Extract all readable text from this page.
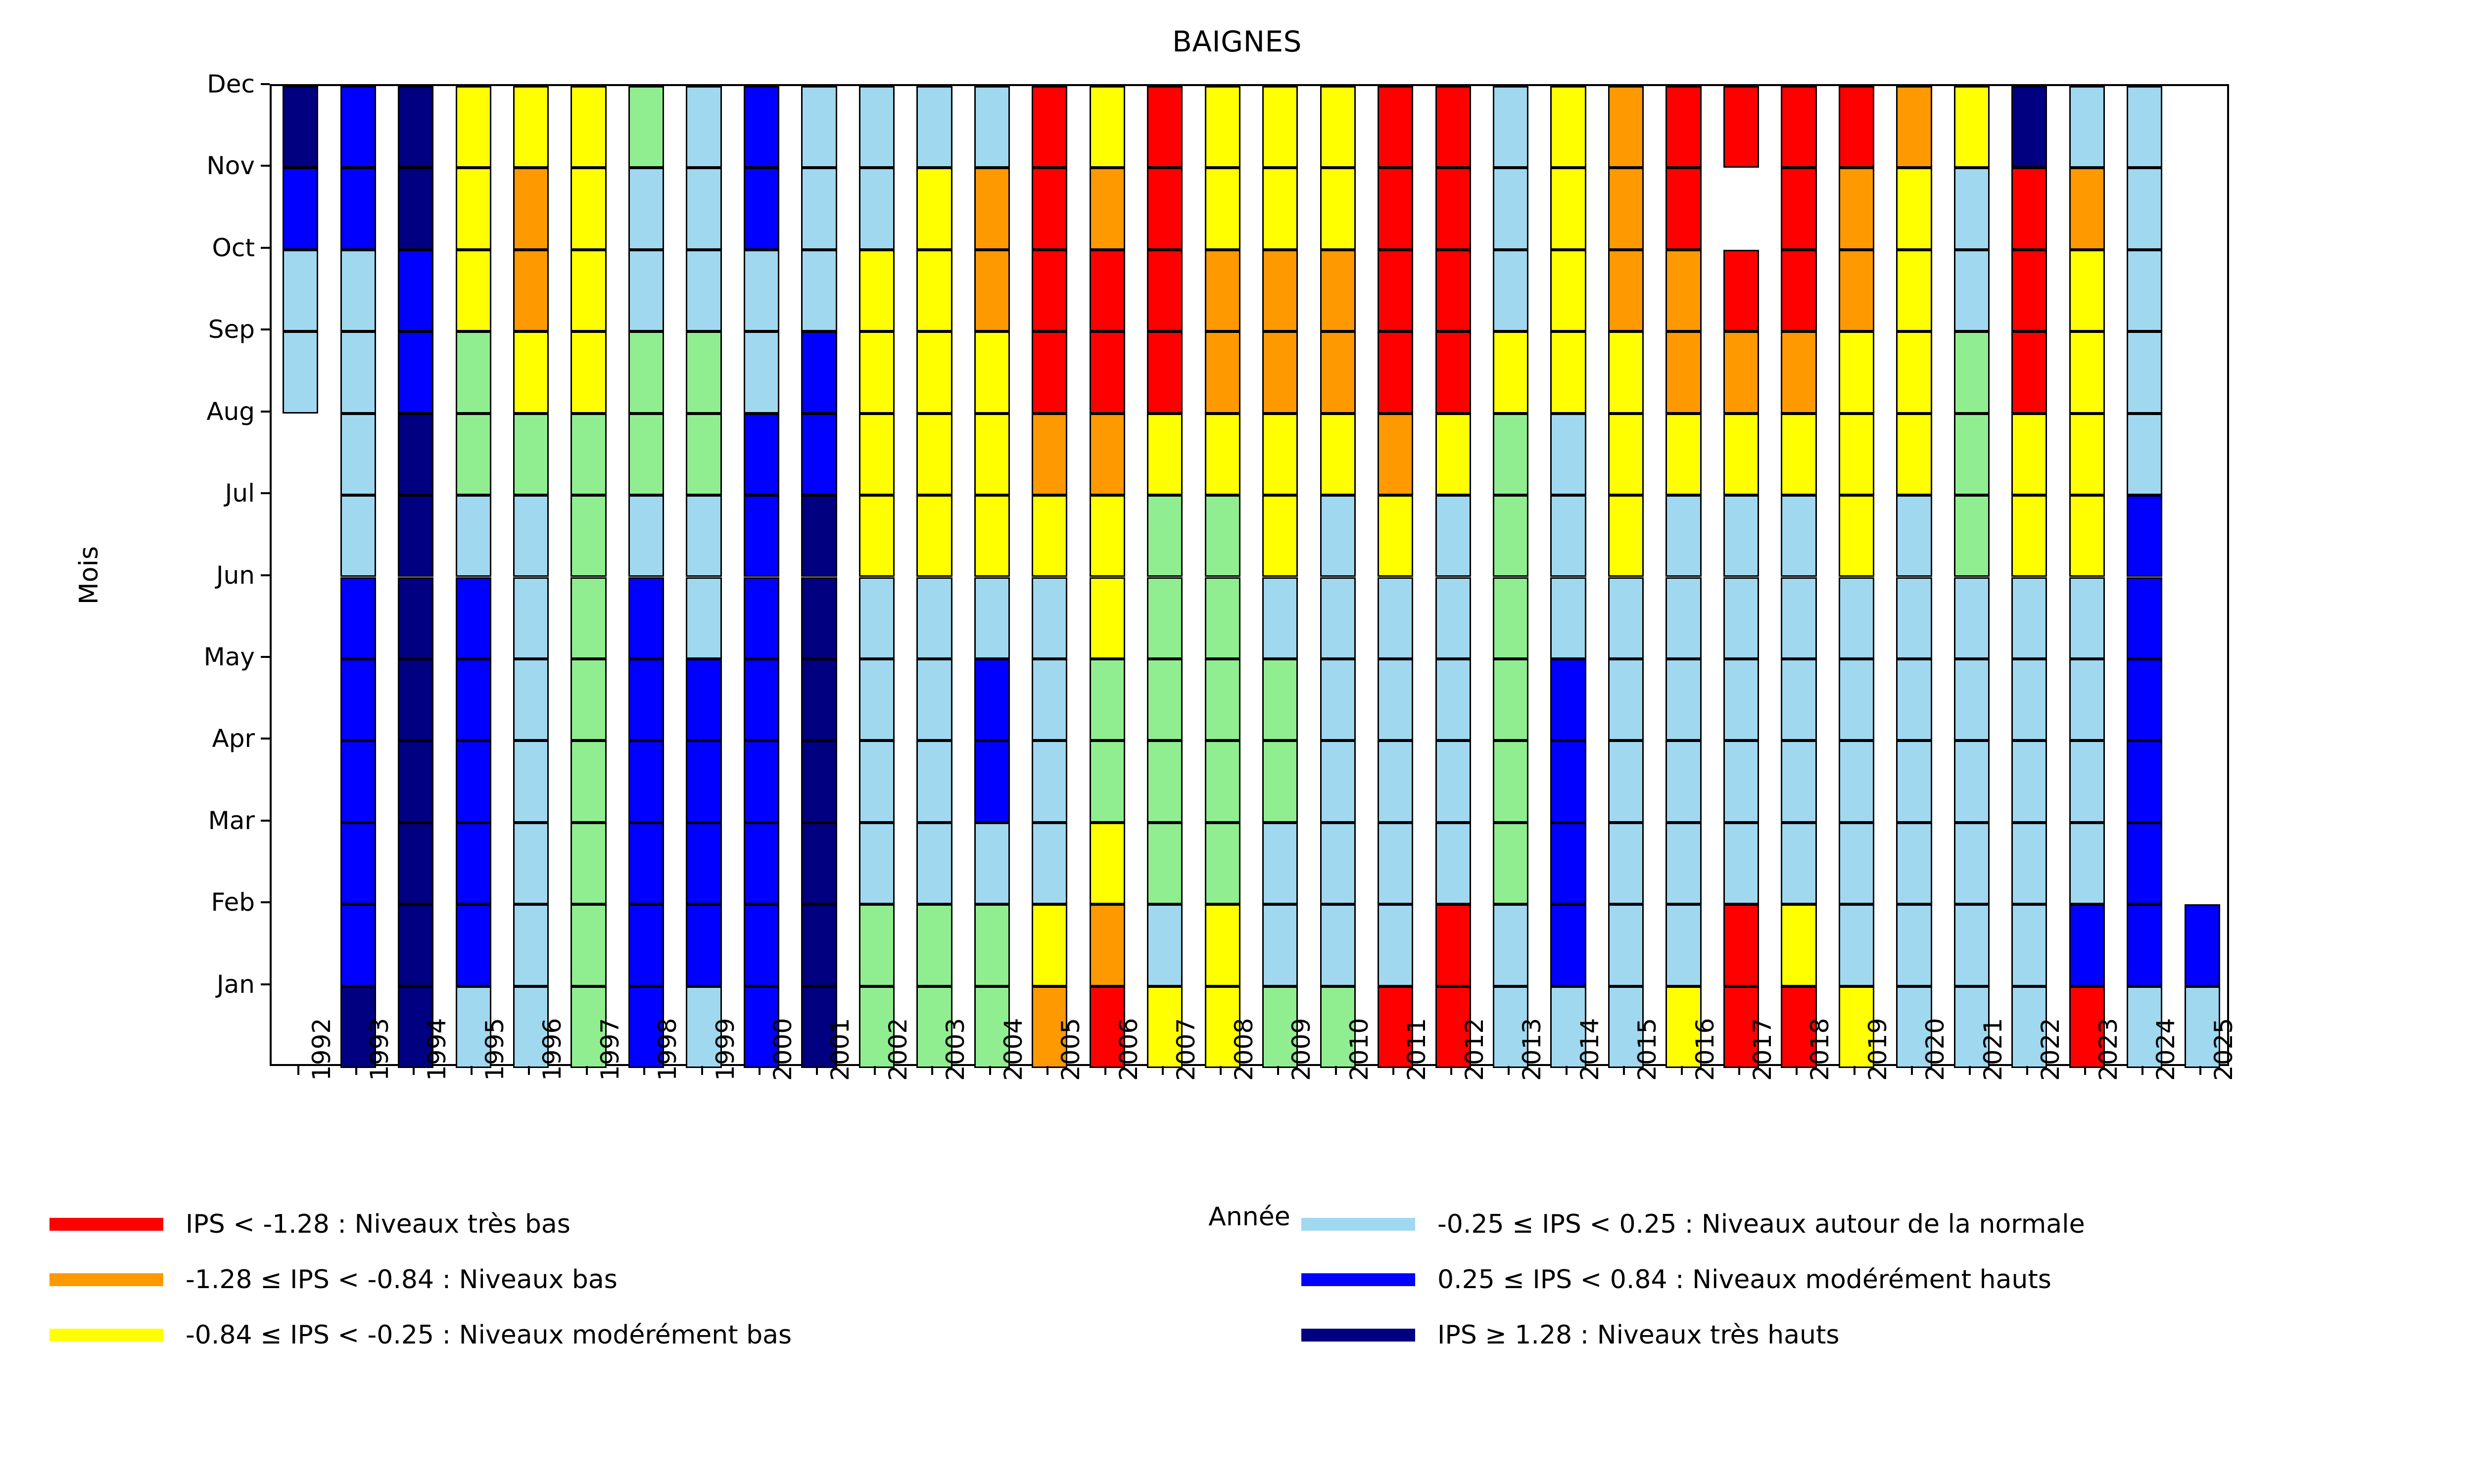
BAIGNES
Jan
Feb
Mar
Apr
May
Jun
Jul
Aug
Sep
Oct
Nov
Dec
Mois
1992 1993 1994 1995 1996 1997 1998 1999 2000 2001 2002 2003 2004 2005 2006 2007 2008 2009 2010 2011 2012 2013 2014 2015 2016 2017 2018 2019 2020 2021 2022 2023 2024 2025
Année
IPS < -1.28 : Niveaux très bas
-1.28 ≤ IPS < -0.84 : Niveaux bas
-0.84 ≤ IPS < -0.25 : Niveaux modérément bas
-0.25 ≤ IPS < 0.25 : Niveaux autour de la normale
0.25 ≤ IPS < 0.84 : Niveaux modérément hauts
IPS ≥ 1.28 : Niveaux très hauts
